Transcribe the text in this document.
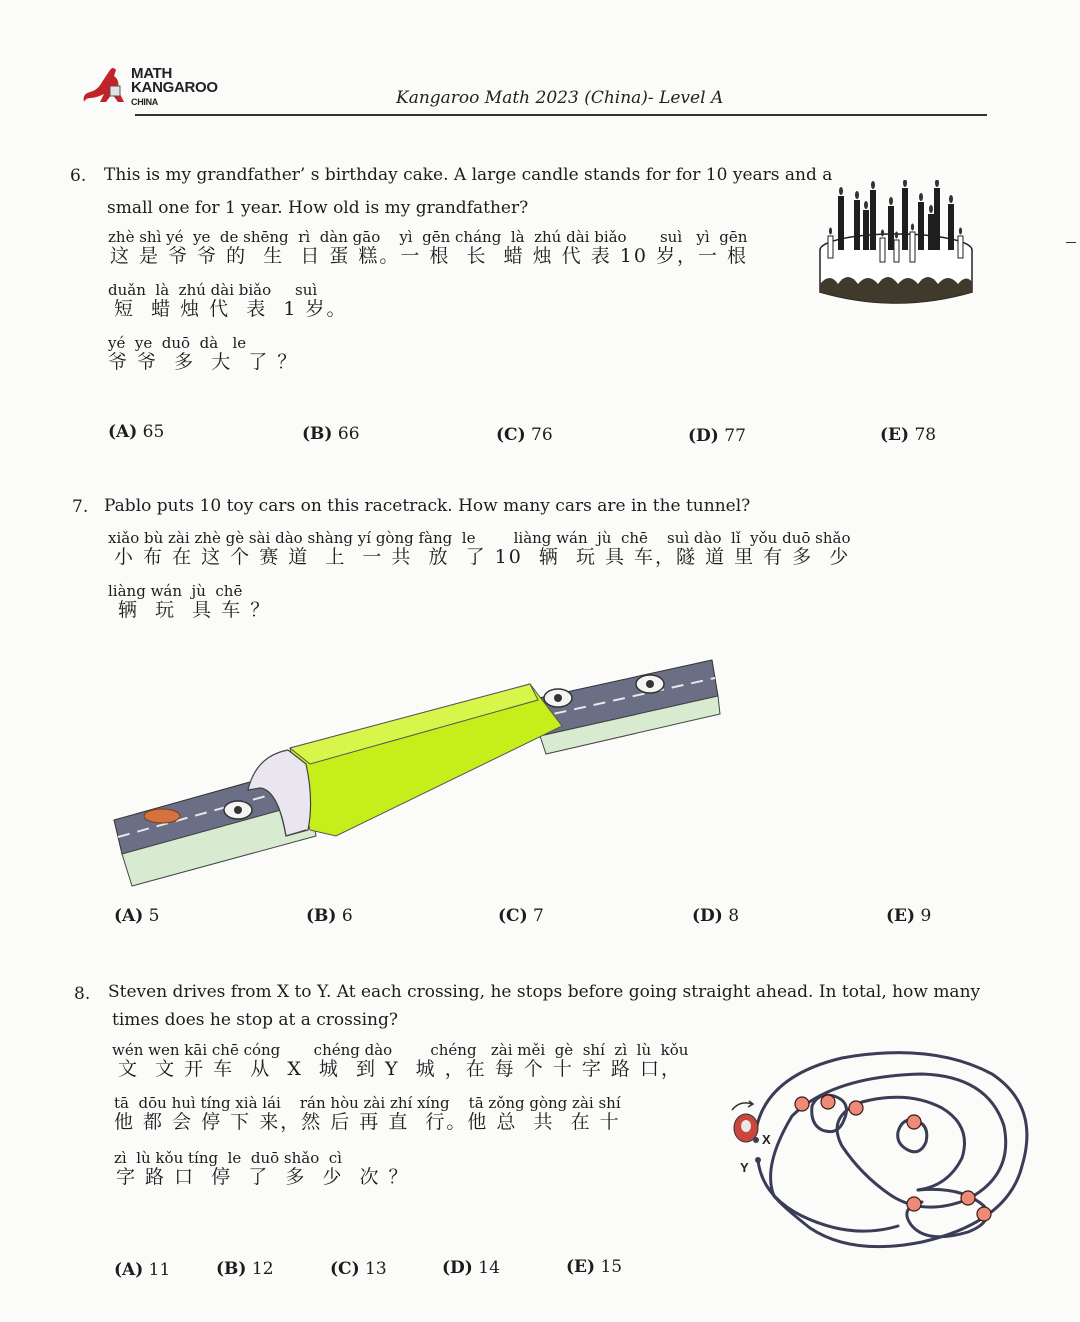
MATH
KANGAROO
CHINA	Kangaroo Math 2023 (China)- Level A
6. This is my grandfather’ s birthday cake. A large candle stands for for 10 years and a
small one for 1 year. How old is my grandfather?
zhè shì yé  ye  de shēng  rì  dàn gāo    yì  gēn cháng  là  zhú dài biǎo       suì   yì  gēn
这 是 爷 爷 的  生  日 蛋 糕。一 根  长  蜡 烛 代 表 10 岁，一 根
duǎn  là  zhú dài biǎo     suì
短  蜡 烛 代  表  1 岁。
yé  ye  duō  dà   le
爷 爷  多  大  了 ？
(A) 65	(B) 66	(C) 76	(D) 77	(E) 78
7. Pablo puts 10 toy cars on this racetrack. How many cars are in the tunnel?
xiǎo bù zài zhè gè sài dào shàng yí gòng fàng  le        liàng wán  jù  chē    suì dào  lǐ  yǒu duō shǎo
小 布 在 这 个 赛 道  上  一 共  放  了 10  辆  玩 具 车，隧 道 里 有 多  少
liàng wán  jù  chē
辆  玩  具 车 ？
(A) 5	(B) 6	(C) 7	(D) 8	(E) 9
8. Steven drives from X to Y. At each crossing, he stops before going straight ahead. In total, how many
times does he stop at a crossing?
wén wen kāi chē cóng       chéng dào        chéng   zài měi  gè  shí  zì  lù  kǒu
文  文 开 车  从  X  城  到 Y  城 ，在 每 个 十 字 路 口，
tā  dōu huì tíng xià lái    rán hòu zài zhí xíng    tā zǒng gòng zài shí
他 都 会 停 下 来，然 后 再 直  行。他 总  共  在 十
zì  lù kǒu tíng  le  duō shǎo  cì
字 路 口  停  了  多  少  次 ？
X
Y
(A) 11	(B) 12	(C) 13	(D) 14	(E) 15
